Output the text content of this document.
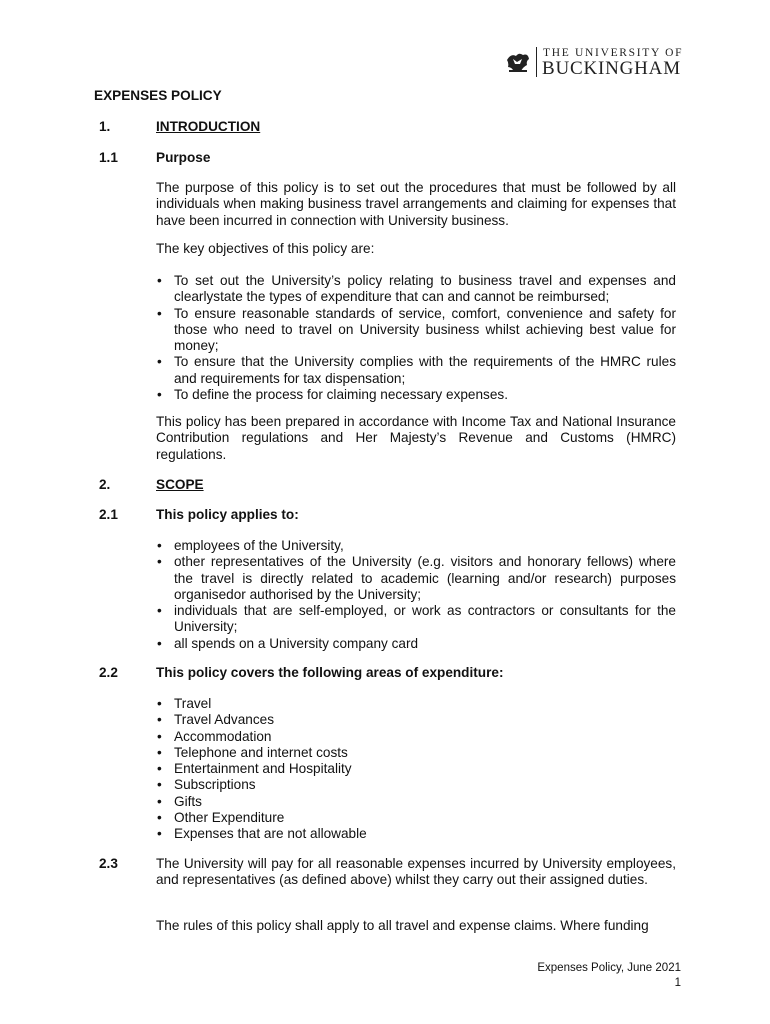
THE UNIVERSITY OF
BUCKINGHAM
EXPENSES POLICY
1.	INTRODUCTION
1.1	Purpose
The purpose of this policy is to set out the procedures that must be followed by all individuals when making business travel arrangements and claiming for expenses that have been incurred in connection with University business.
The key objectives of this policy are:
• To set out the University’s policy relating to business travel and expenses and clearlystate the types of expenditure that can and cannot be reimbursed;
• To ensure reasonable standards of service, comfort, convenience and safety for those who need to travel on University business whilst achieving best value for money;
• To ensure that the University complies with the requirements of the HMRC rules and requirements for tax dispensation;
• To define the process for claiming necessary expenses.
This policy has been prepared in accordance with Income Tax and National Insurance Contribution regulations and Her Majesty’s Revenue and Customs (HMRC) regulations.
2.	SCOPE
2.1	This policy applies to:
• employees of the University,
• other representatives of the University (e.g. visitors and honorary fellows) where the travel is directly related to academic (learning and/or research) purposes organisedor authorised by the University;
• individuals that are self-employed, or work as contractors or consultants for the University;
• all spends on a University company card
2.2	This policy covers the following areas of expenditure:
• Travel
• Travel Advances
• Accommodation
• Telephone and internet costs
• Entertainment and Hospitality
• Subscriptions
• Gifts
• Other Expenditure
• Expenses that are not allowable
2.3	The University will pay for all reasonable expenses incurred by University employees, and representatives (as defined above) whilst they carry out their assigned duties.
The rules of this policy shall apply to all travel and expense claims. Where funding
Expenses Policy, June 2021
1
